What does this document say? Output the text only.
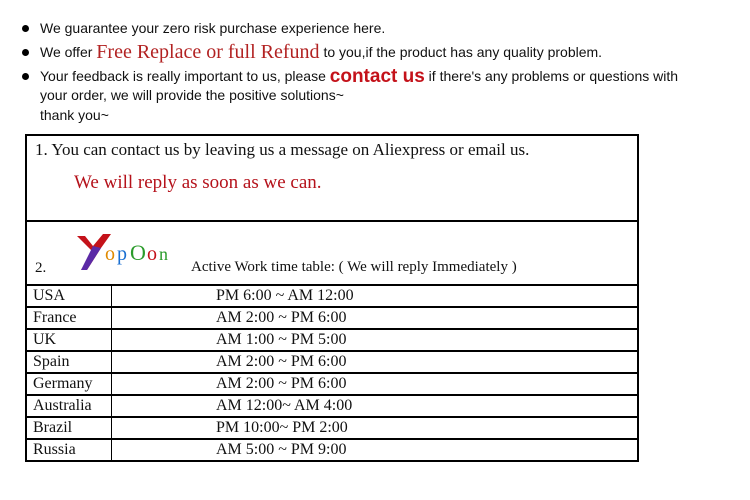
We guarantee your zero risk purchase experience here.
We offer Free Replace or full Refund to you,if the product has any quality problem.
Your feedback is really important to us, please contact us if there's any problems or questions with
your order, we will provide the positive solutions~
thank you~
1. You can contact us by leaving us a message on Aliexpress or email us.
We will reply as soon as we can.
2.
o p O o n
Active Work time table: ( We will reply Immediately )
USA	PM 6:00 ~ AM 12:00
France	AM 2:00 ~ PM 6:00
UK	AM 1:00 ~ PM 5:00
Spain	AM 2:00 ~ PM 6:00
Germany	AM 2:00 ~ PM 6:00
Australia	AM 12:00~ AM 4:00
Brazil	PM 10:00~ PM 2:00
Russia	AM 5:00 ~ PM 9:00
